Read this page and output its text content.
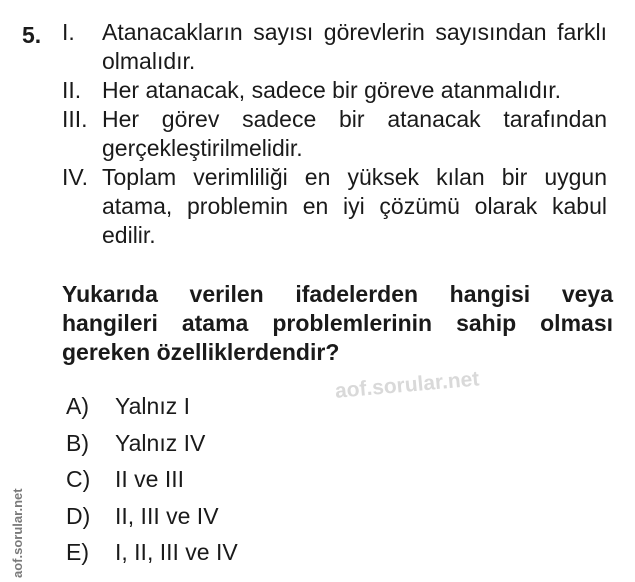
5. I.	Atanacakların sayısı görevlerin sayısından farklı olmalıdır.
II. Her atanacak, sadece bir göreve atanmalıdır.
III. Her görev sadece bir atanacak tarafından gerçekleştirilmelidir.
IV. Toplam verimliliği en yüksek kılan bir uygun atama, problemin en iyi çözümü olarak kabul edilir.

Yukarıda verilen ifadelerden hangisi veya hangileri atama problemlerinin sahip olması gereken özelliklerdendir?

aof.sorular.net
A)	Yalnız I
B)	Yalnız IV
C)	II ve III
D)	II, III ve IV
E)	I, II, III ve IV
aof.sorular.net
